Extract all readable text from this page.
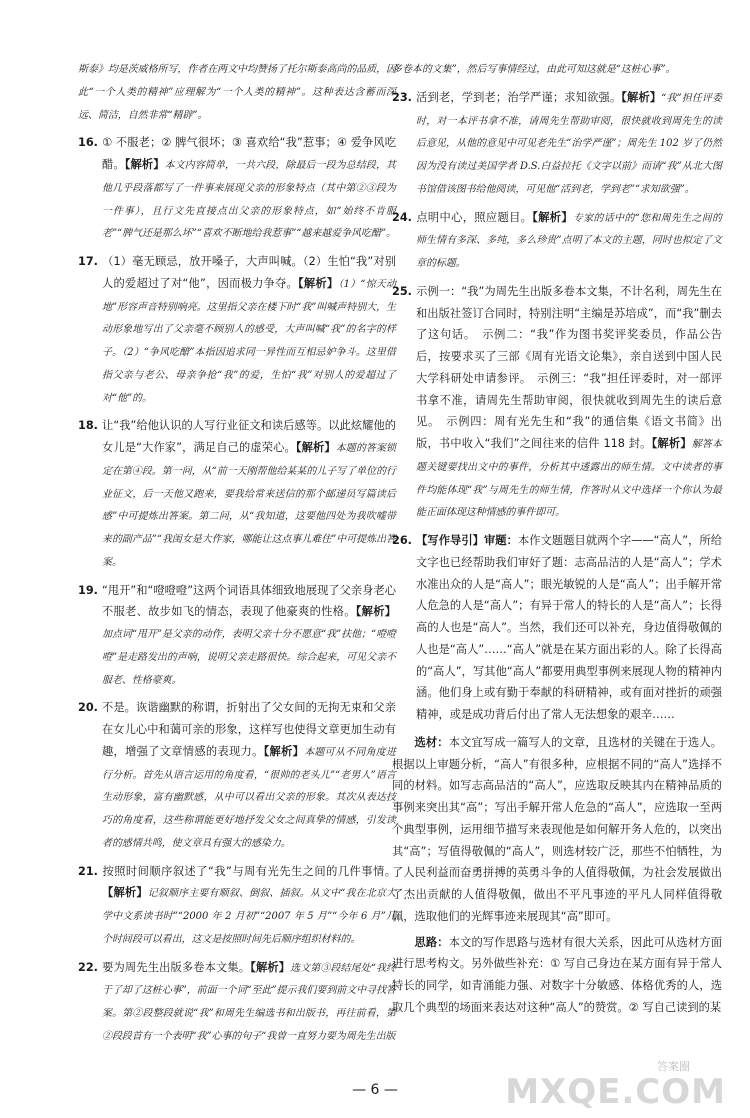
斯泰》均是茨威格所写，作者在两文中均赞扬了托尔斯泰高尚的品质，因此“一个人类的精神”应理解为“一个人类的精神”。这种表达含蓄而深远、简洁，自然非常“精辟”。
16. ① 不服老；② 脾气很坏；③ 喜欢给“我”惹事；④ 爱争风吃醋。【解析】本文内容简单，一共六段，除最后一段为总结段，其他几乎段落都写了一件事来展现父亲的形象特点（其中第②③段为一件事），且行文先直接点出父亲的形象特点，如“始终不肯服老”“脾气还是那么坏”“喜欢不断地给我惹事”“越来越爱争风吃醋”。
17. （1）毫无顾忌，放开嗓子，大声叫喊。（2）生怕“我”对别人的爱超过了对“他”，因而极力争夺。【解析】（1）“惊天动地”形容声音特别响亮。这里指父亲在楼下时“我”叫喊声特别大，生动形象地写出了父亲毫不顾别人的感受，大声叫喊“我”的名字的样子。（2）“争风吃醋”本指因追求同一异性而互相忌妒争斗。这里借指父亲与老公、母亲争抢“我”的爱，生怕“我”对别人的爱超过了对“他”的。
18. 让“我”给他认识的人写行业征文和读后感等。以此炫耀他的女儿是“大作家”，满足自己的虚荣心。【解析】本题的答案锁定在第④段。第一问，从“前一天刚帮他给某某的儿子写了单位的行业征文，后一天他又跑来，要我给常来送信的那个邮递员写篇读后感”中可提炼出答案。第二问，从“我知道，这要他四处为我吹嘘带来的副产品”“我闺女是大作家，哪能让这点事儿难住”中可提炼出答案。
19. “甩开”和“噔噔噔”这两个词语具体细致地展现了父亲身老心不服老、故步如飞的情态，表现了他豪爽的性格。【解析】加点词“甩开”是父亲的动作，表明父亲十分不愿意“我”扶他；“噔噔噔”是走路发出的声响，说明父亲走路很快。综合起来，可见父亲不服老、性格豪爽。
20. 不是。诙谐幽默的称谓，折射出了父女间的无拘无束和父亲在女儿心中和蔼可亲的形象，这样写也使得文章更加生动有趣，增强了文章情感的表现力。【解析】本题可从不同角度进行分析。首先从语言运用的角度看，“很帅的老头儿”“老男人”语言生动形象，富有幽默感，从中可以看出父亲的形象。其次从表达技巧的角度看，这些称谓能更好地抒发父女之间真挚的情感，引发读者的感情共鸣，使文章具有强大的感染力。
21. 按照时间顺序叙述了“我”与周有光先生之间的几件事情。【解析】记叙顺序主要有顺叙、倒叙、插叙。从文中“我在北京大学中文系读书时”“2000 年 2 月初”“2007 年 5 月”“今年 6 月”几个时间段可以看出，这文是按照时间先后顺序组织材料的。
22. 要为周先生出版多卷本文集。【解析】选文第③段结尾处“我终于了却了这桩心事”，前面一个词“至此”提示我们要到前文中寻找答案。第②段整段就说“我”和周先生编选书和出版书，再往前看，第②段段首有一个表明“我”心事的句子“我曾一直努力要为周先生出版
多卷本的文集”，然后写事情经过，由此可知这就是“这桩心事”。
23. 活到老，学到老；治学严谨；求知欲强。【解析】“我”担任评委时，对一本评书拿不准，请周先生帮助审阅，很快就收到周先生的读后意见，从他的意见中可见老先生“治学严谨”；周先生 102 岁了仍然因为没有读过美国学者 D.S.白益拉托《文字以前》而请“我”从北大图书馆借该图书给他阅读，可见他“活到老，学到老”“求知欲强”。
24. 点明中心，照应题目。【解析】专家的话中的“您和周先生之间的师生情有多深、多纯，多么珍贵”点明了本文的主题，同时也拟定了文章的标题。
25. 示例一：“我”为周先生出版多卷本文集，不计名利，周先生在和出版社签订合同时，特别注明“主编是苏培成”，而“我”删去了这句话。　示例二：“我”作为图书奖评奖委员，作品公告后，按要求买了三部《周有光语文论集》，亲自送到中国人民大学科研处申请参评。　示例三：“我”担任评委时，对一部评书拿不准，请周先生帮助审阅，很快就收到周先生的读后意见。　示例四：周有光先生和“我”的通信集《语文书简》出版，书中收入“我们”之间往来的信件 118 封。【解析】解答本题关键要找出文中的事件，分析其中透露出的师生情。文中读者的事件均能体现“我”与周先生的师生情，作答时从文中选择一个你认为最能正面体现这种情感的事件即可。
26. 【写作导引】审题：本作文题题目就两个字——“高人”，所给文字也已经帮助我们审好了题：志高品洁的人是“高人”；学术水准出众的人是“高人”；眼光敏锐的人是“高人”；出手解开常人危急的人是“高人”；有异于常人的特长的人是“高人”；长得高的人也是“高人”。当然，我们还可以补充，身边值得敬佩的人也是“高人”……“高人”就是在某方面出彩的人。除了长得高的“高人”，写其他“高人”都要用典型事例来展现人物的精神内涵。他们身上或有勤于奉献的科研精神，或有面对挫折的顽强精神，或是成功背后付出了常人无法想象的艰辛……
选材：本文宜写成一篇写人的文章，且选材的关键在于选人。根据以上审题分析，“高人”有很多种，应根据不同的“高人”选择不同的材料。如写志高品洁的“高人”，应选取反映其内在精神品质的事例来突出其“高”；写出手解开常人危急的“高人”，应选取一至两个典型事例，运用细节描写来表现他是如何解开务人危的，以突出其“高”；写值得敬佩的“高人”，则选材较广泛，那些不怕牺牲，为了人民利益而奋勇拼搏的英勇斗争的人值得敬佩，为社会发展做出了杰出贡献的人值得敬佩，做出不平凡事迹的平凡人同样值得敬佩，选取他们的光辉事迹来展现其“高”即可。
思路：本文的写作思路与选材有很大关系，因此可从选材方面进行思考构文。另外做些补充：① 写自己身边在某方面有异于常人特长的同学，如青涌能力强、对数字十分敏感、体格优秀的人，选取几个典型的场面来表达对这种“高人”的赞赏。② 写自己读到的某
答案圈
MXQE.COM
— 6 —
